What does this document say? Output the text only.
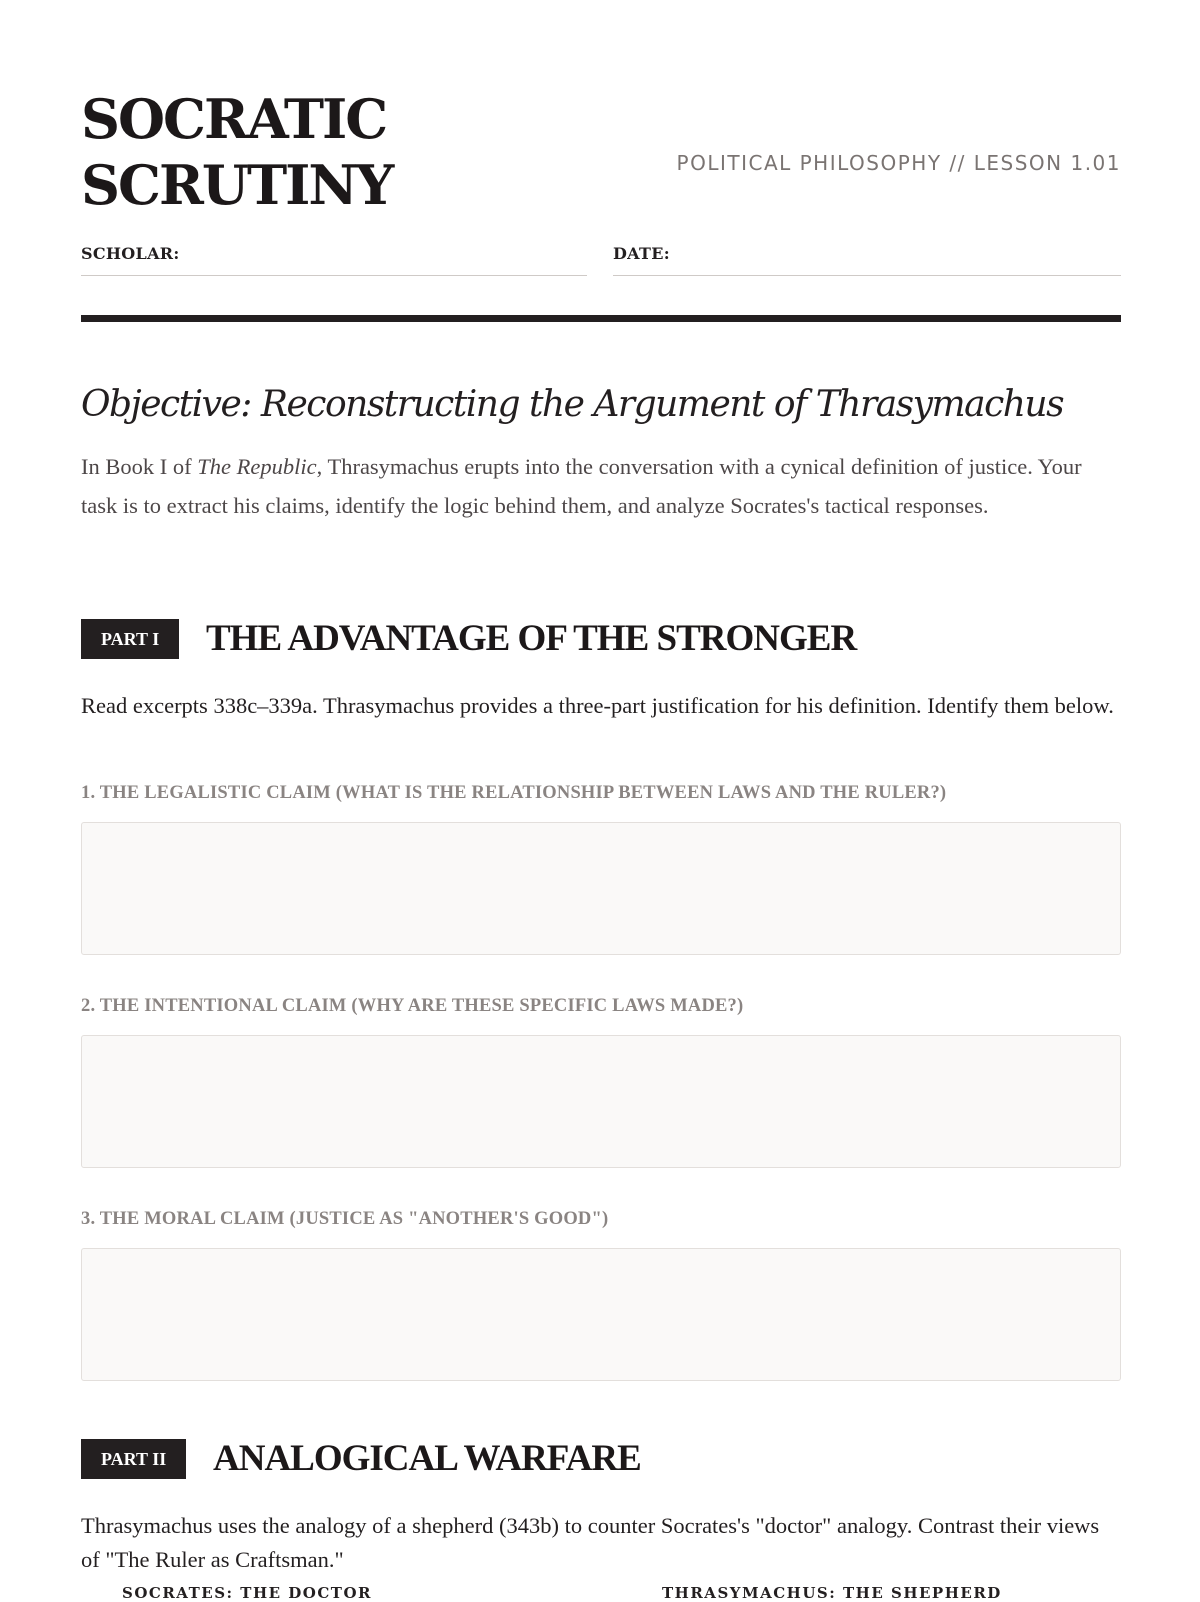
SOCRATIC
SCRUTINY	POLITICAL PHILOSOPHY // LESSON 1.01
SCHOLAR:	DATE:
Objective: Reconstructing the Argument of Thrasymachus

In Book I of The Republic, Thrasymachus erupts into the conversation with a cynical definition of justice. Your task is to extract his claims, identify the logic behind them, and analyze Socrates's tactical responses.

PART I	THE ADVANTAGE OF THE STRONGER

Read excerpts 338c–339a. Thrasymachus provides a three-part justification for his definition. Identify them below.

1. THE LEGALISTIC CLAIM (WHAT IS THE RELATIONSHIP BETWEEN LAWS AND THE RULER?)
2. THE INTENTIONAL CLAIM (WHY ARE THESE SPECIFIC LAWS MADE?)
3. THE MORAL CLAIM (JUSTICE AS "ANOTHER'S GOOD")
PART II	ANALOGICAL WARFARE

Thrasymachus uses the analogy of a shepherd (343b) to counter Socrates's "doctor" analogy. Contrast their views of "The Ruler as Craftsman."

SOCRATES: THE DOCTOR	THRASYMACHUS: THE SHEPHERD
